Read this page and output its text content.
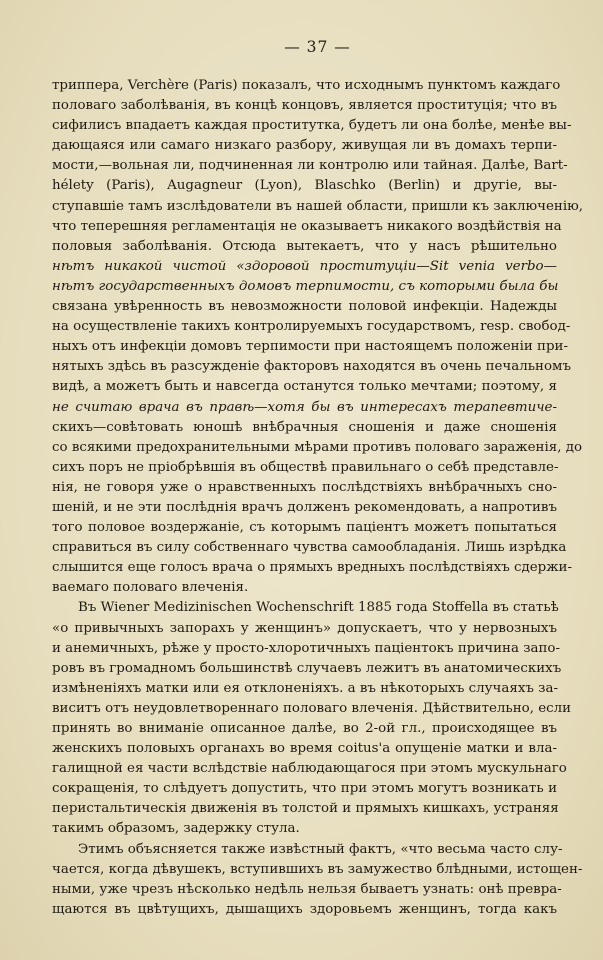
— 37 —
триппера, Verchère (Paris) показалъ, что исходнымъ пунктомъ каждаго
половаго заболѣванія, въ концѣ концовъ, является проституція; что въ
сифилисъ впадаетъ каждая проститутка, будетъ ли она болѣе, менѣе вы-
дающаяся или самаго низкаго разбору, живущая ли въ домахъ терпи-
мости,—вольная ли, подчиненная ли контролю или тайная. Далѣе, Bart-
hélety (Paris), Augagneur (Lyon), Blaschko (Berlin) и другіе, вы-
ступавшіе тамъ изслѣдователи въ нашей области, пришли къ заключенію,
что теперешняя регламентація не оказываетъ никакого воздѣйствія на
половыя заболѣванія. Отсюда вытекаетъ, что у насъ рѣшительно
нѣтъ никакой чистой «здоровой проституціи—Sit venia verbo—
нѣтъ государственныхъ домовъ терпимости, съ которыми была бы
связана увѣренность въ невозможности половой инфекціи. Надежды
на осуществленіе такихъ контролируемыхъ государствомъ, resp. свобод-
ныхъ отъ инфекціи домовъ терпимости при настоящемъ положеніи при-
нятыхъ здѣсь въ разсужденіе факторовъ находятся въ очень печальномъ
видѣ, а можетъ быть и навсегда останутся только мечтами; поэтому, я
не считаю врача въ правѣ—хотя бы въ интересахъ терапевтиче-
скихъ—совѣтовать юношѣ внѣбрачныя сношенія и даже сношенія
со всякими предохранительными мѣрами противъ половаго зараженія, до
сихъ поръ не пріобрѣвшія въ обществѣ правильнаго о себѣ представле-
нія, не говоря уже о нравственныхъ послѣдствіяхъ внѣбрачныхъ сно-
шеній, и не эти послѣднія врачъ долженъ рекомендовать, а напротивъ
того половое воздержаніе, съ которымъ паціентъ можетъ попытаться
справиться въ силу собственнаго чувства самообладанія. Лишь изрѣдка
слышится еще голосъ врача о прямыхъ вредныхъ послѣдствіяхъ сдержи-
ваемаго половаго влеченія.
Въ Wiener Medizinischen Wochenschrift 1885 года Stoffella въ статьѣ
«о привычныхъ запорахъ у женщинъ» допускаетъ, что у нервозныхъ
и анемичныхъ, рѣже у просто-хлоротичныхъ паціентокъ причина запо-
ровъ въ громадномъ большинствѣ случаевъ лежитъ въ анатомическихъ
измѣненіяхъ матки или ея отклоненіяхъ. а въ нѣкоторыхъ случаяхъ за-
виситъ отъ неудовлетвореннаго половаго влеченія. Дѣйствительно, если
принять во вниманіе описанное далѣе, во 2-ой гл., происходящее въ
женскихъ половыхъ органахъ во время coitus'а опущеніе матки и вла-
галищной ея части вслѣдствіе наблюдающагося при этомъ мускульнаго
сокращенія, то слѣдуетъ допустить, что при этомъ могутъ возникать и
перистальтическія движенія въ толстой и прямыхъ кишкахъ, устраняя
такимъ образомъ, задержку стула.
Этимъ объясняется также извѣстный фактъ, «что весьма часто слу-
чается, когда дѣвушекъ, вступившихъ въ замужество блѣдными, истощен-
ными, уже чрезъ нѣсколько недѣль нельзя бываетъ узнать: онѣ превра-
щаются въ цвѣтущихъ, дышащихъ здоровьемъ женщинъ, тогда какъ
